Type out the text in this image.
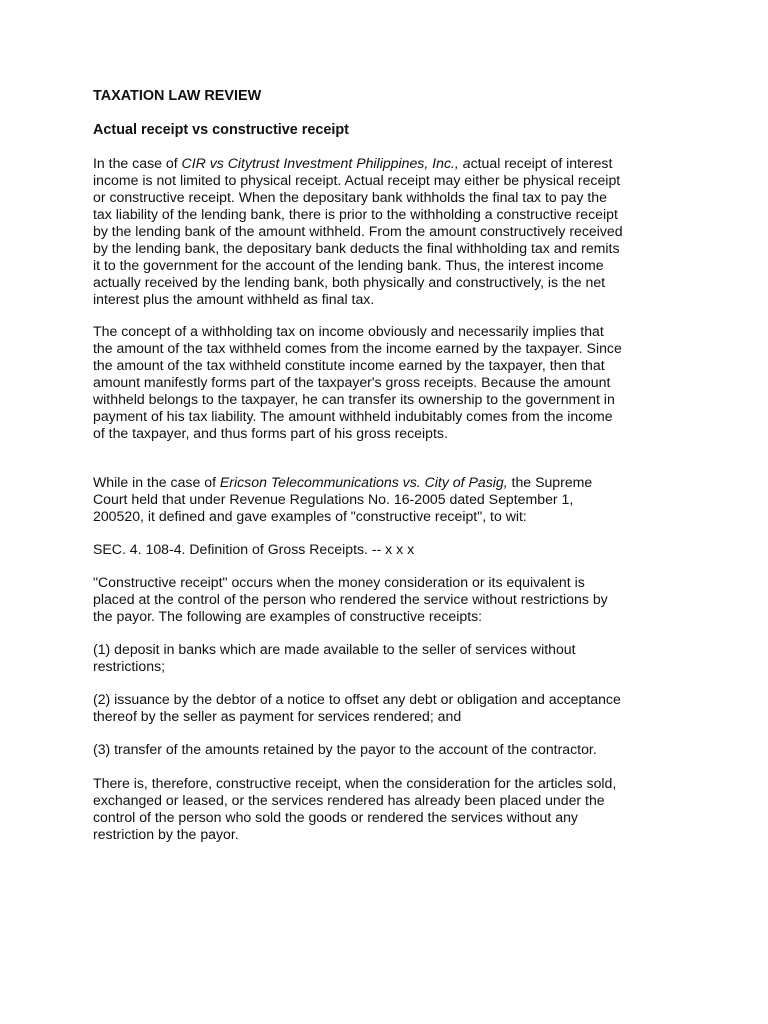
TAXATION LAW REVIEW
Actual receipt vs constructive receipt
In the case of CIR vs Citytrust Investment Philippines, Inc., actual receipt of interest
income is not limited to physical receipt. Actual receipt may either be physical receipt
or constructive receipt. When the depositary bank withholds the final tax to pay the
tax liability of the lending bank, there is prior to the withholding a constructive receipt
by the lending bank of the amount withheld. From the amount constructively received
by the lending bank, the depositary bank deducts the final withholding tax and remits
it to the government for the account of the lending bank. Thus, the interest income
actually received by the lending bank, both physically and constructively, is the net
interest plus the amount withheld as final tax.
The concept of a withholding tax on income obviously and necessarily implies that
the amount of the tax withheld comes from the income earned by the taxpayer. Since
the amount of the tax withheld constitute income earned by the taxpayer, then that
amount manifestly forms part of the taxpayer's gross receipts. Because the amount
withheld belongs to the taxpayer, he can transfer its ownership to the government in
payment of his tax liability. The amount withheld indubitably comes from the income
of the taxpayer, and thus forms part of his gross receipts.
While in the case of Ericson Telecommunications vs. City of Pasig, the Supreme
Court held that under Revenue Regulations No. 16-2005 dated September 1,
200520, it defined and gave examples of "constructive receipt", to wit:
SEC. 4. 108-4. Definition of Gross Receipts. -- x x x
"Constructive receipt" occurs when the money consideration or its equivalent is
placed at the control of the person who rendered the service without restrictions by
the payor. The following are examples of constructive receipts:
(1) deposit in banks which are made available to the seller of services without
restrictions;
(2) issuance by the debtor of a notice to offset any debt or obligation and acceptance
thereof by the seller as payment for services rendered; and
(3) transfer of the amounts retained by the payor to the account of the contractor.
There is, therefore, constructive receipt, when the consideration for the articles sold,
exchanged or leased, or the services rendered has already been placed under the
control of the person who sold the goods or rendered the services without any
restriction by the payor.
